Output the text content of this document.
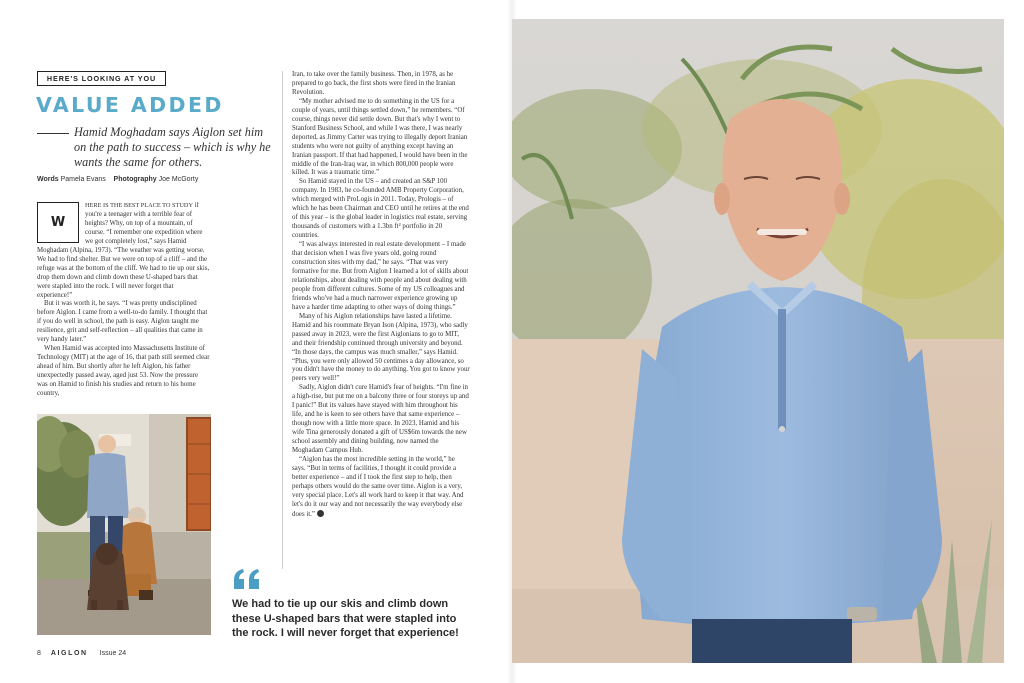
HERE'S LOOKING AT YOU
VALUE ADDED

Hamid Moghadam says Aiglon set him on the path to success – which is why he wants the same for others.

Words Pamela Evans Photography Joe McGorty
W

HERE IS THE BEST PLACE TO STUDY if you're a teenager with a terrible fear of heights? Why, on top of a mountain, of course. “I remember one expedition where we got completely lost,” says Hamid Moghadam (Alpina, 1973). “The weather was getting worse. We had to find shelter. But we were on top of a cliff – and the refuge was at the bottom of the cliff. We had to tie up our skis, drop them down and climb down these U-shaped bars that were stapled into the rock. I will never forget that experience!”

But it was worth it, he says. “I was pretty undisciplined before Aiglon. I came from a well-to-do family. I thought that if you do well in school, the path is easy. Aiglon taught me resilience, grit and self-reflection – all qualities that came in very handy later.”

When Hamid was accepted into Massachusetts Institute of Technology (MIT) at the age of 16, that path still seemed clear ahead of him. But shortly after he left Aiglon, his father unexpectedly passed away, aged just 53. Now the pressure was on Hamid to finish his studies and return to his home country,

Iran, to take over the family business. Then, in 1978, as he prepared to go back, the first shots were fired in the Iranian Revolution.

“My mother advised me to do something in the US for a couple of years, until things settled down,” he remembers. “Of course, things never did settle down. But that's why I went to Stanford Business School, and while I was there, I was nearly deported, as Jimmy Carter was trying to illegally deport Iranian students who were not guilty of anything except having an Iranian passport. If that had happened, I would have been in the middle of the Iran-Iraq war, in which 800,000 people were killed. It was a traumatic time.”

So Hamid stayed in the US – and created an S&P 100 company. In 1983, he co-founded AMB Property Corporation, which merged with ProLogis in 2011. Today, Prologis – of which he has been Chairman and CEO until he retires at the end of this year – is the global leader in logistics real estate, serving thousands of customers with a 1.3bn ft² portfolio in 20 countries.

“I was always interested in real estate development – I made that decision when I was five years old, going round construction sites with my dad,” he says. “That was very formative for me. But from Aiglon I learned a lot of skills about relationships, about dealing with people and about dealing with people from different cultures. Some of my US colleagues and friends who've had a much narrower experience growing up have a harder time adapting to other ways of doing things.”

Many of his Aiglon relationships have lasted a lifetime. Hamid and his roommate Bryan Ison (Alpina, 1973), who sadly passed away in 2023, were the first Aiglonians to go to MIT, and their friendship continued through university and beyond. “In those days, the campus was much smaller,” says Hamid. “Plus, you were only allowed 50 centimes a day allowance, so you didn't have the money to do anything. You got to know your peers very well!”

Sadly, Aiglon didn't cure Hamid's fear of heights. “I'm fine in a high-rise, but put me on a balcony three or four storeys up and I panic!” But its values have stayed with him throughout his life, and he is keen to see others have that same experience – though now with a little more space. In 2023, Hamid and his wife Tina generously donated a gift of US$6m towards the new school assembly and dining building, now named the Moghadam Campus Hub.

“Aiglon has the most incredible setting in the world,” he says. “But in terms of facilities, I thought it could provide a better experience – and if I took the first step to help, then perhaps others would do the same over time. Aiglon is a very, very special place. Let's all work hard to keep it that way. And let's do it our way and not necessarily the way everybody else does it.”

We had to tie up our skis and climb down these U-shaped bars that were stapled into the rock. I will never forget that experience!

8 AIGLON Issue 24
